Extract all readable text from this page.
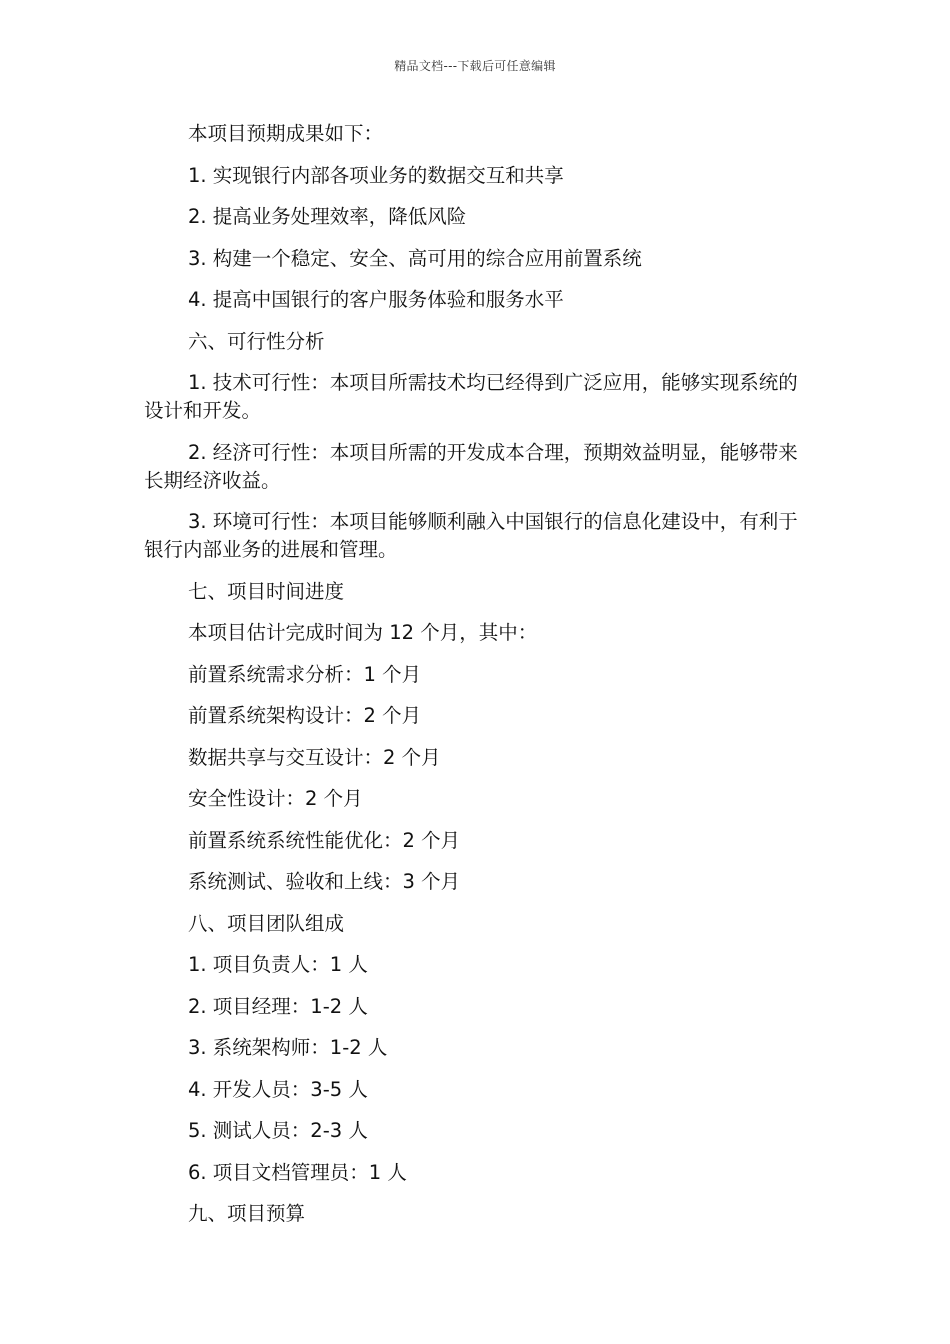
精品文档---下载后可任意编辑

本项目预期成果如下：

1. 实现银行内部各项业务的数据交互和共享

2. 提高业务处理效率，降低风险

3. 构建一个稳定、安全、高可用的综合应用前置系统

4. 提高中国银行的客户服务体验和服务水平

六、可行性分析

1. 技术可行性：本项目所需技术均已经得到广泛应用，能够实现系统的设计和开发。

2. 经济可行性：本项目所需的开发成本合理，预期效益明显，能够带来长期经济收益。

3. 环境可行性：本项目能够顺利融入中国银行的信息化建设中，有利于银行内部业务的进展和管理。

七、项目时间进度

本项目估计完成时间为 12 个月，其中：

前置系统需求分析：1 个月

前置系统架构设计：2 个月

数据共享与交互设计：2 个月

安全性设计：2 个月

前置系统系统性能优化：2 个月

系统测试、验收和上线：3 个月

八、项目团队组成

1. 项目负责人：1 人

2. 项目经理：1-2 人

3. 系统架构师：1-2 人

4. 开发人员：3-5 人

5. 测试人员：2-3 人

6. 项目文档管理员：1 人

九、项目预算
